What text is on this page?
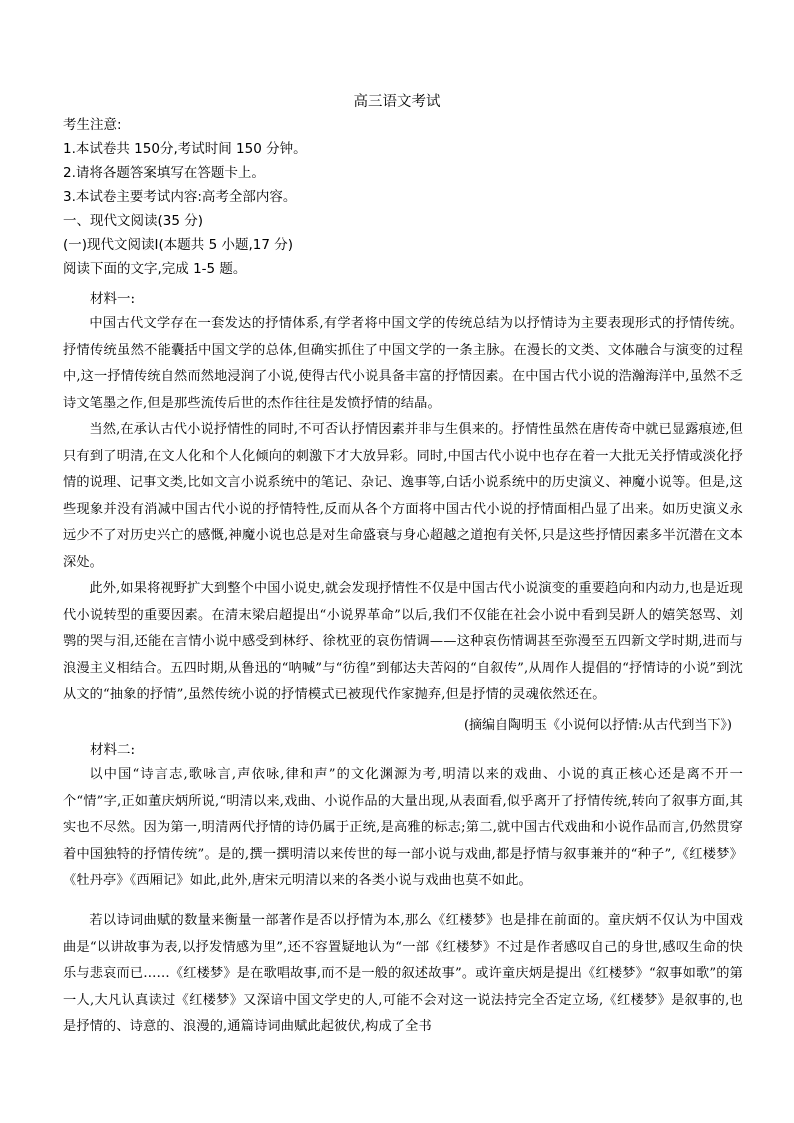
高三语文考试
考生注意:
1.本试卷共 150分,考试时间 150 分钟。
2.请将各题答案填写在答题卡上。
3.本试卷主要考试内容:高考全部内容。
一、现代文阅读(35 分)
(一)现代文阅读Ⅰ(本题共 5 小题,17 分)
阅读下面的文字,完成 1-5 题。
材料一:

中国古代文学存在一套发达的抒情体系,有学者将中国文学的传统总结为以抒情诗为主要表现形式的抒情传统。抒情传统虽然不能囊括中国文学的总体,但确实抓住了中国文学的一条主脉。在漫长的文类、文体融合与演变的过程中,这一抒情传统自然而然地浸润了小说,使得古代小说具备丰富的抒情因素。在中国古代小说的浩瀚海洋中,虽然不乏诗文笔墨之作,但是那些流传后世的杰作往往是发愤抒情的结晶。

当然,在承认古代小说抒情性的同时,不可否认抒情因素并非与生俱来的。抒情性虽然在唐传奇中就已显露痕迹,但只有到了明清,在文人化和个人化倾向的刺激下才大放异彩。同时,中国古代小说中也存在着一大批无关抒情或淡化抒情的说理、记事文类,比如文言小说系统中的笔记、杂记、逸事等,白话小说系统中的历史演义、神魔小说等。但是,这些现象并没有消减中国古代小说的抒情特性,反而从各个方面将中国古代小说的抒情面相凸显了出来。如历史演义永远少不了对历史兴亡的感慨,神魔小说也总是对生命盛衰与身心超越之道抱有关怀,只是这些抒情因素多半沉潜在文本深处。

此外,如果将视野扩大到整个中国小说史,就会发现抒情性不仅是中国古代小说演变的重要趋向和内动力,也是近现代小说转型的重要因素。在清末梁启超提出“小说界革命”以后,我们不仅能在社会小说中看到吴趼人的嬉笑怒骂、刘鹗的哭与泪,还能在言情小说中感受到林纾、徐枕亚的哀伤情调——这种哀伤情调甚至弥漫至五四新文学时期,进而与浪漫主义相结合。五四时期,从鲁迅的“呐喊”与“彷徨”到郁达夫苦闷的“自叙传”,从周作人提倡的“抒情诗的小说”到沈从文的“抽象的抒情”,虽然传统小说的抒情模式已被现代作家抛弃,但是抒情的灵魂依然还在。

(摘编自陶明玉《小说何以抒情:从古代到当下》)
材料二:

以中国“诗言志,歌咏言,声依咏,律和声”的文化渊源为考,明清以来的戏曲、小说的真正核心还是离不开一个“情”字,正如董庆炳所说,“明清以来,戏曲、小说作品的大量出现,从表面看,似乎离开了抒情传统,转向了叙事方面,其实也不尽然。因为第一,明清两代抒情的诗仍属于正统,是高雅的标志;第二,就中国古代戏曲和小说作品而言,仍然贯穿着中国独特的抒情传统”。是的,撰一撰明清以来传世的每一部小说与戏曲,都是抒情与叙事兼并的“种子”,《红楼梦》《牡丹亭》《西厢记》如此,此外,唐宋元明清以来的各类小说与戏曲也莫不如此。

若以诗词曲赋的数量来衡量一部著作是否以抒情为本,那么《红楼梦》也是排在前面的。童庆炳不仅认为中国戏曲是“以讲故事为表,以抒发情感为里”,还不容置疑地认为“一部《红楼梦》不过是作者感叹自己的身世,感叹生命的快乐与悲哀而已……《红楼梦》是在歌唱故事,而不是一般的叙述故事”。或许童庆炳是提出《红楼梦》“叙事如歌”的第一人,大凡认真读过《红楼梦》又深谙中国文学史的人,可能不会对这一说法持完全否定立场,《红楼梦》是叙事的,也是抒情的、诗意的、浪漫的,通篇诗词曲赋此起彼伏,构成了全书
